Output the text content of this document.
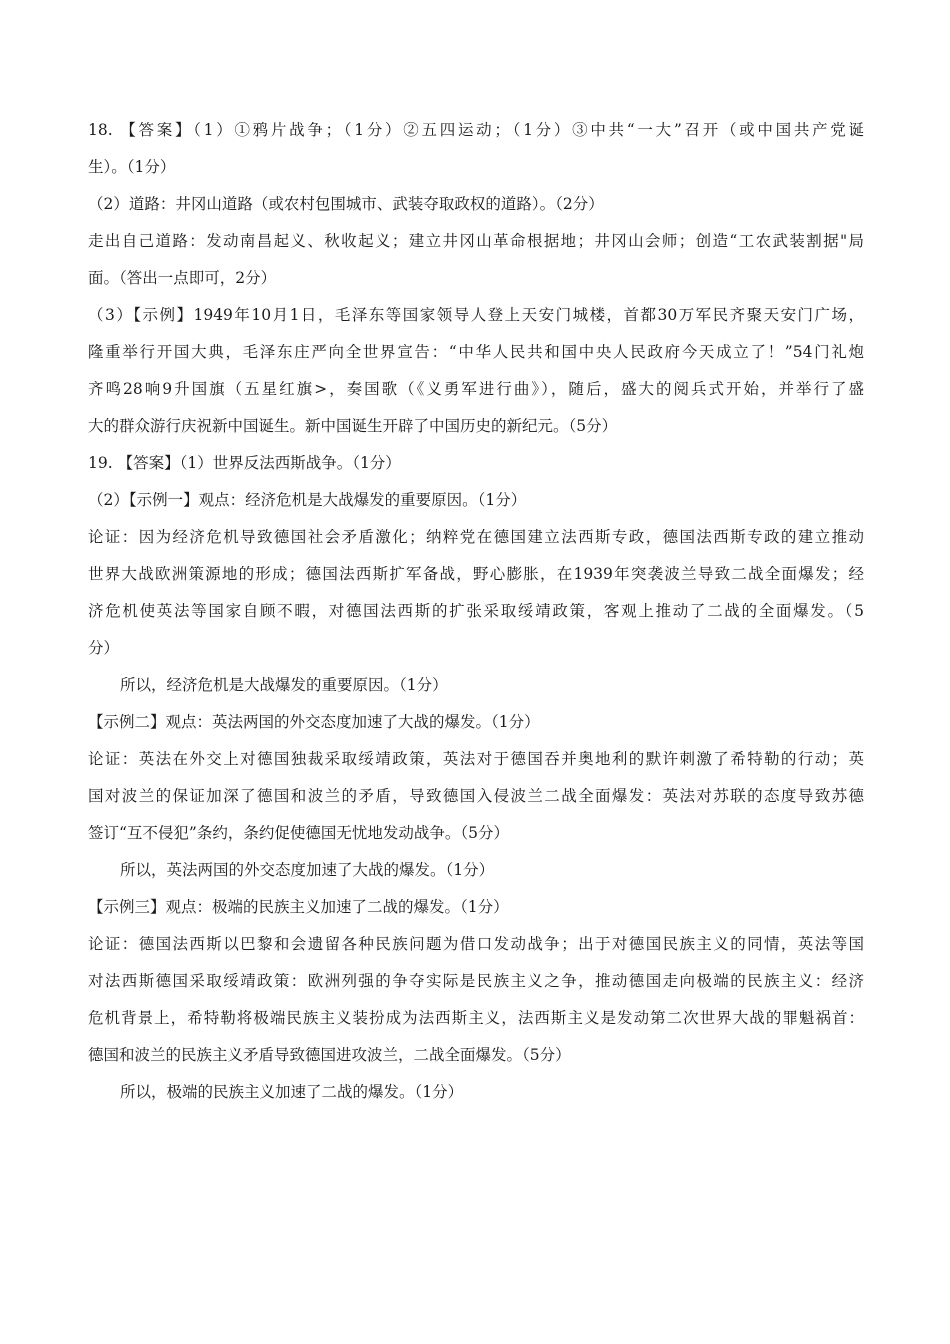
18. 【答案】（1）①鸦片战争；（1分）②五四运动；（1分）③中共“一大”召开（或中国共产党诞
生）。（1分）
（2）道路：井冈山道路（或农村包围城市、武装夺取政权的道路）。（2分）
走出自己道路：发动南昌起义、秋收起义；建立井冈山革命根据地；井冈山会师；创造“工农武装割据"局
面。（答出一点即可，2分）
（3）【示例】1949年10月1日，毛泽东等国家领导人登上天安门城楼，首都30万军民齐聚天安门广场，
隆重举行开国大典，毛泽东庄严向全世界宣告：“中华人民共和国中央人民政府今天成立了！”54门礼炮
齐鸣28响9升国旗（五星红旗>，奏国歌（《义勇军进行曲》），随后，盛大的阅兵式开始，并举行了盛
大的群众游行庆祝新中国诞生。新中国诞生开辟了中国历史的新纪元。（5分）
19. 【答案】（1）世界反法西斯战争。（1分）
（2）【示例一】观点：经济危机是大战爆发的重要原因。（1分）
论证：因为经济危机导致德国社会矛盾激化；纳粹党在德国建立法西斯专政，德国法西斯专政的建立推动
世界大战欧洲策源地的形成；德国法西斯扩军备战，野心膨胀，在1939年突袭波兰导致二战全面爆发；经
济危机使英法等国家自顾不暇，对德国法西斯的扩张采取绥靖政策，客观上推动了二战的全面爆发。（5
分）
所以，经济危机是大战爆发的重要原因。（1分）
【示例二】观点：英法两国的外交态度加速了大战的爆发。（1分）
论证：英法在外交上对德国独裁采取绥靖政策，英法对于德国吞并奥地利的默许刺激了希特勒的行动；英
国对波兰的保证加深了德国和波兰的矛盾，导致德国入侵波兰二战全面爆发：英法对苏联的态度导致苏德
签订“互不侵犯”条约，条约促使德国无忧地发动战争。（5分）
所以，英法两国的外交态度加速了大战的爆发。（1分）
【示例三】观点：极端的民族主义加速了二战的爆发。（1分）
论证：德国法西斯以巴黎和会遗留各种民族问题为借口发动战争；出于对德国民族主义的同情，英法等国
对法西斯德国采取绥靖政策：欧洲列强的争夺实际是民族主义之争，推动德国走向极端的民族主义：经济
危机背景上，希特勒将极端民族主义装扮成为法西斯主义，法西斯主义是发动第二次世界大战的罪魁祸首：
德国和波兰的民族主义矛盾导致德国进攻波兰，二战全面爆发。（5分）
所以，极端的民族主义加速了二战的爆发。（1分）
